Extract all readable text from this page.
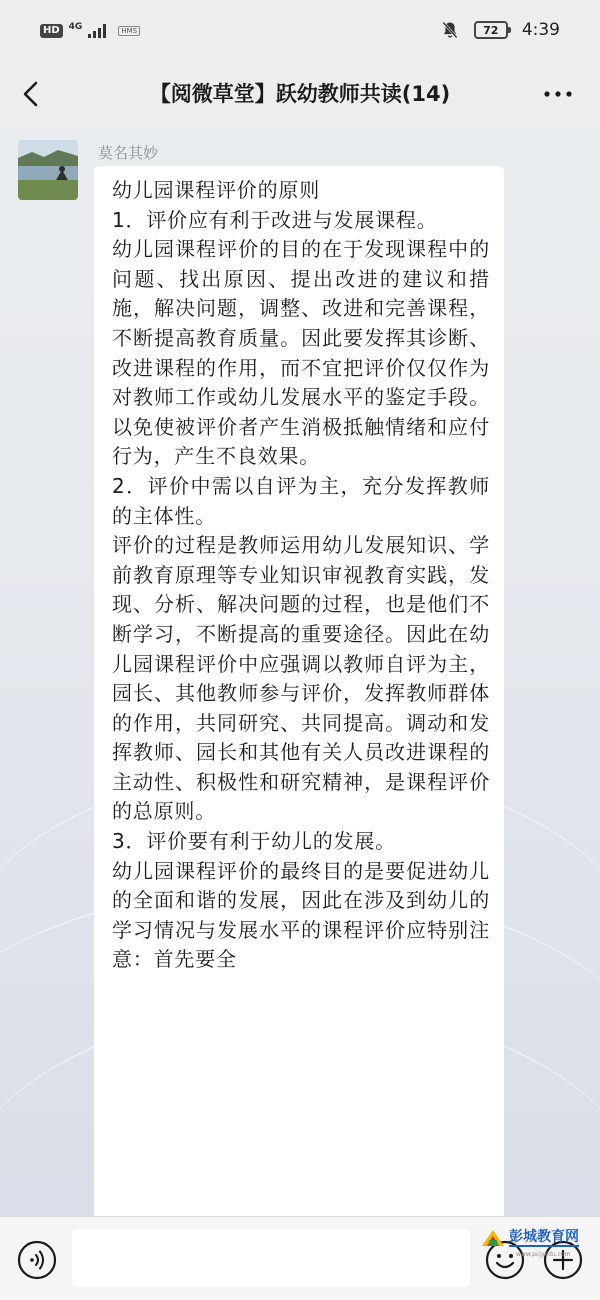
HD	4G	HMS	72	4:39
【阅微草堂】跃幼教师共读(14)
莫名其妙

幼儿园课程评价的原则

1．评价应有利于改进与发展课程。

幼儿园课程评价的目的在于发现课程中的问题、找出原因、提出改进的建议和措施，解决问题，调整、改进和完善课程，不断提高教育质量。因此要发挥其诊断、改进课程的作用，而不宜把评价仅仅作为对教师工作或幼儿发展水平的鉴定手段。以免使被评价者产生消极抵触情绪和应付行为，产生不良效果。

2．评价中需以自评为主，充分发挥教师的主体性。

评价的过程是教师运用幼儿发展知识、学前教育原理等专业知识审视教育实践，发现、分析、解决问题的过程，也是他们不断学习，不断提高的重要途径。因此在幼儿园课程评价中应强调以教师自评为主，园长、其他教师参与评价，发挥教师群体的作用，共同研究、共同提高。调动和发挥教师、园长和其他有关人员改进课程的主动性、积极性和研究精神，是课程评价的总原则。

3．评价要有利于幼儿的发展。

幼儿园课程评价的最终目的是要促进幼儿的全面和谐的发展，因此在涉及到幼儿的学习情况与发展水平的课程评价应特别注意：首先要全

彭城教育网
www.pcjyedu.com
